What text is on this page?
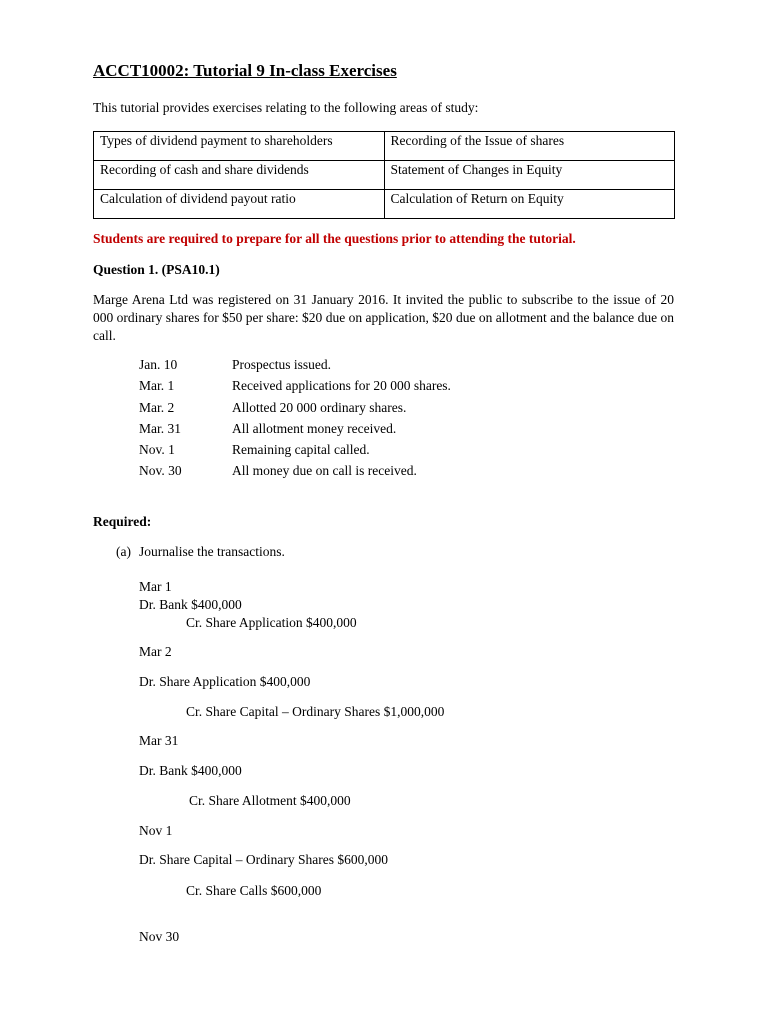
ACCT10002: Tutorial 9 In-class Exercises
This tutorial provides exercises relating to the following areas of study:
Types of dividend payment to shareholders	Recording of the Issue of shares
Recording of cash and share dividends	Statement of Changes in Equity
Calculation of dividend payout ratio	Calculation of Return on Equity
Students are required to prepare for all the questions prior to attending the tutorial.
Question 1. (PSA10.1)
Marge Arena Ltd was registered on 31 January 2016. It invited the public to subscribe to the issue of 20 000 ordinary shares for $50 per share: $20 due on application, $20 due on allotment and the balance due on call.
Jan. 10	Prospectus issued.
Mar. 1	Received applications for 20 000 shares.
Mar. 2	Allotted 20 000 ordinary shares.
Mar. 31	All allotment money received.
Nov. 1	Remaining capital called.
Nov. 30	All money due on call is received.
Required:
(a) Journalise the transactions.
Mar 1
Dr. Bank $400,000
Cr. Share Application $400,000
Mar 2
Dr. Share Application $400,000
Cr. Share Capital – Ordinary Shares $1,000,000
Mar 31
Dr. Bank $400,000
Cr. Share Allotment $400,000
Nov 1
Dr. Share Capital – Ordinary Shares $600,000
Cr. Share Calls $600,000
Nov 30
